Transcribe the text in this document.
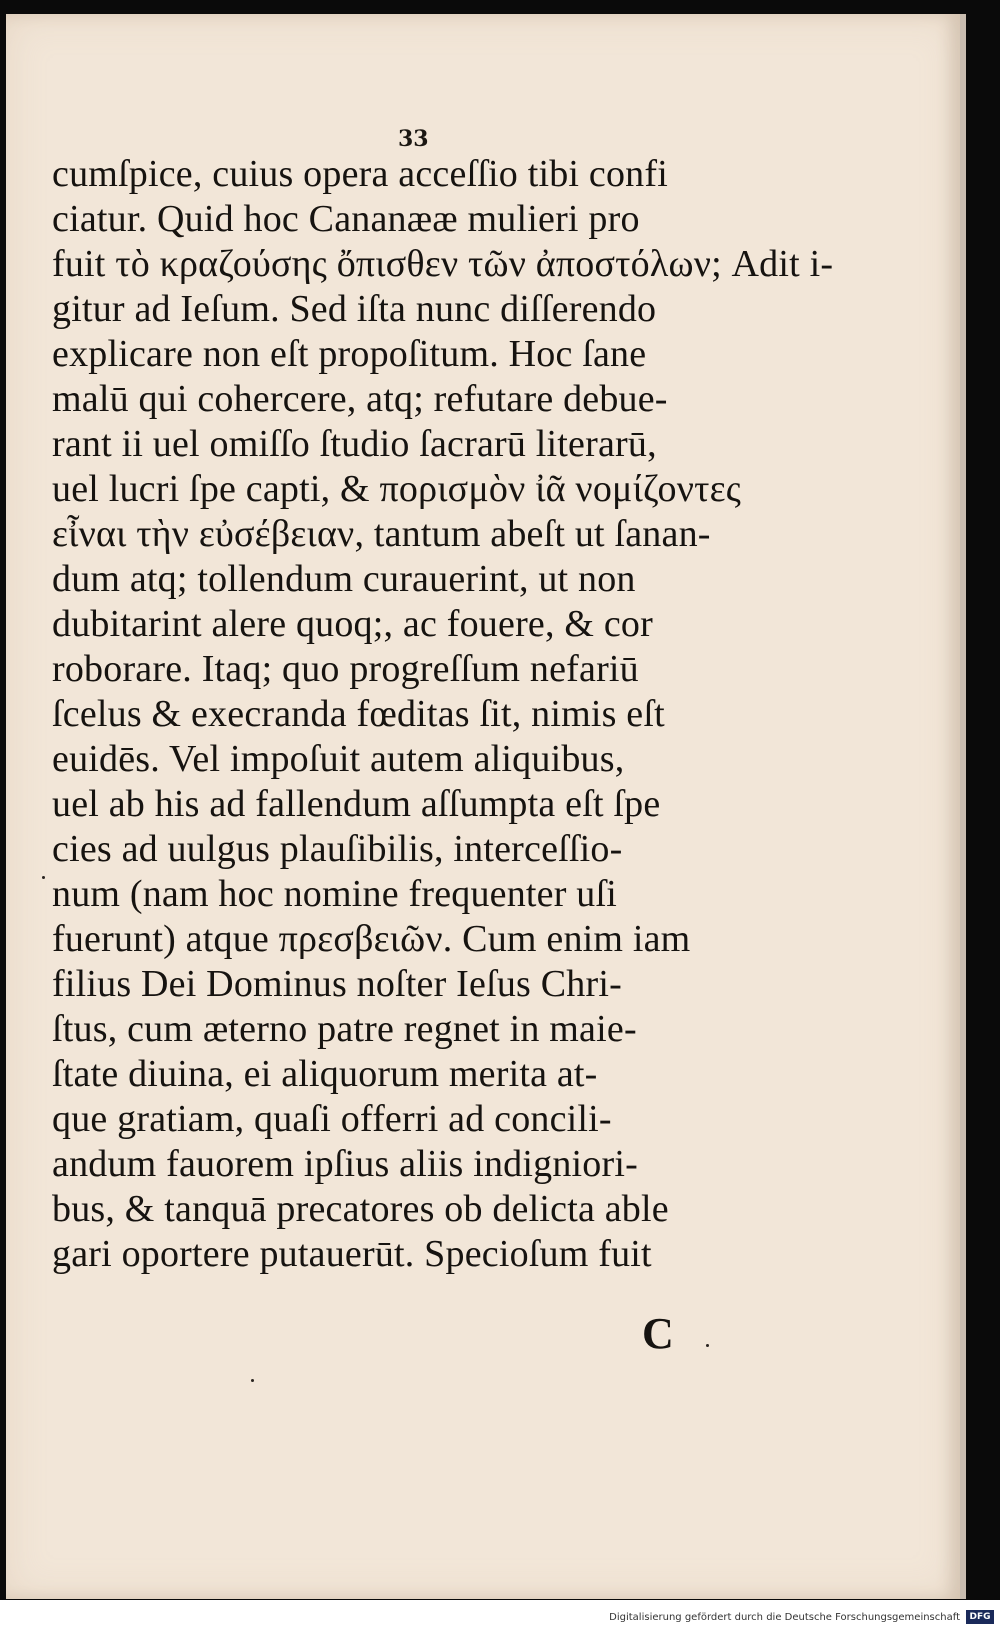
33
cumſpice, cuius opera acceſſio tibi confi
ciatur. Quid hoc Cananææ mulieri pro
fuit τὸ κραζούσης ὄπισθεν τῶν ἀποστόλων; Adit i-
gitur ad Ieſum. Sed iſta nunc diſſerendo
explicare non eſt propoſitum. Hoc ſane
malū qui cohercere, atq; refutare debue-
rant ii uel omiſſo ſtudio ſacrarū literarū,
uel lucri ſpe capti, & πορισμὸν ἰᾶ νομίζοντες
εἶναι τὴν εὐσέβειαν, tantum abeſt ut ſanan-
dum atq; tollendum curauerint, ut non
dubitarint alere quoq;, ac fouere, & cor
roborare. Itaq; quo progreſſum nefariū
ſcelus & execranda fœditas ſit, nimis eſt
euidēs. Vel impoſuit autem aliquibus,
uel ab his ad fallendum aſſumpta eſt ſpe
cies ad uulgus plauſibilis, interceſſio-
num (nam hoc nomine frequenter uſi
fuerunt) atque πρεσβειῶν. Cum enim iam
filius Dei Dominus noſter Ieſus Chri-
ſtus, cum æterno patre regnet in maie-
ſtate diuina, ei aliquorum merita at-
que gratiam, quaſi offerri ad concili-
andum fauorem ipſius aliis indigniori-
bus, & tanquā precatores ob delicta able
gari oportere putauerūt. Specioſum fuit
C
Digitalisierung gefördert durch die Deutsche Forschungsgemeinschaft	DFG
